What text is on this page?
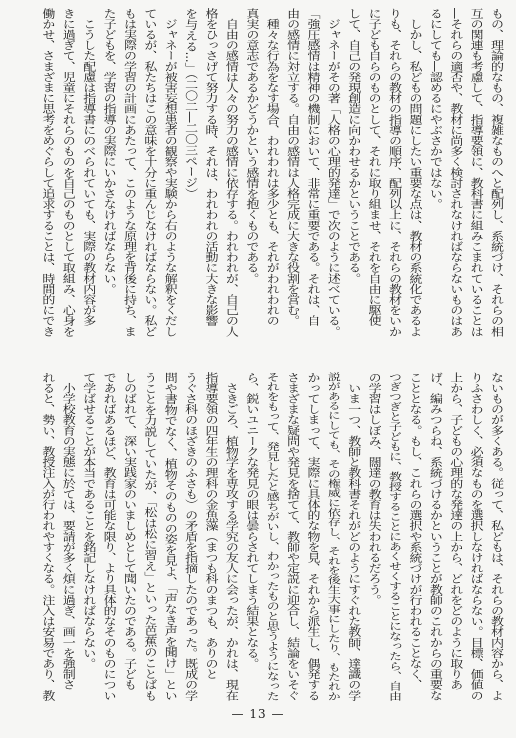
もの、理論的なもの、複雑なものへと配列し、系統づけ、それらの相
互の関連も考慮して、指導要領に、教科書に組みこまれていることは
―それらの適否や、教材に尚多く検討されなければならないものはあ
るにしても―認めるにやぶさかではない。
　しかし、私どもの問題にしたい重要な点は、教材の系統化であるよ
りも、それらの教材の指導の順序、配列以上に、それらの教材をいか
に子ども自らのものとして、それに取り組ませ、それを自由に駆使
して、自己の発現創造に向かわせるかということである。
　ジャネーがその著「人格の心理的発達」で次のように述べている。
「強圧感情は精神の機制において、非常に重要である。それは、自
由の感情に対立する。自由の感情は人格完成に大きな役割を営む。
　種々な行為をなす場合、われわれは多少とも、それがわれわれの
真実の意志であるかどうかという感情を抱くものである。
　自由の感情は人々の努力の感情に依存する。われわれが、自己の人
格をひっさげて努力する時、それは、われわれの活動に大きな影響
を与える…」（二〇二―二〇三ページ）
　ジャネーが被害妄想患者の観察や実験から右のような解釈をくだし
ているが、私たちはこの意味を十分に重んじなければならない。私ど
もは実際の学習の計画にあたって、このような原理を背後に持ち、ま
た子どもを、学習の指導の実際にいかさなければならない。
　こうした配慮は指導書にのべられていても、実際の教材内容が多
きに過ぎて、児童にそれらのものを自己のものとして取組み、心身を
働かせ、さまざまに思考をめぐらして追求することは、時間的にでき
ないものが多くある。従って、私どもは、それらの教材内容から、よ
りふさわしく、必須なものを選択しなければならない。目標、価値の
上から、子どもの心理的な発達の上から、どれをどのように取りあ
げ、編みつらね、系統づけるかということが教師のこれからの重要な
こととなる。もし、これらの選択や系統づけが行われることなく、
つぎつぎと子どもに、教授することにあくせくすることになったら、自由
の学習はしぼみ、闊達の教育は失われるだろう。
　いま一つ、教師と教科書それがどのようにすぐれた教師、達識の学
説があるにしても、その権威に依存し、それを後生大事にしたり、もたれか
かってしまって、実際に具体的な物を見、それから派生し、偶発する
さまざまな疑問や発見を捨てて、教師や定説に迎合し、結論をいそぐ
それをもって、発見したと感ちがいし、わかったものと思うようになった
ら、鋭いユニークな発見の眼は曇らされてしまう結果となる。
　さきごろ、植物学を専攻する学究の友人に会ったが、かれは、現在
指導要領の四年生の理科の金魚藻（まつも科のまつも、ありのと
うぐさ科のほざきのふさも）の矛盾を指摘したのであった。既成の学
問や書物でなく、植物そのものの姿を見よ、「声なき声を聞け」とい
うことを力説していたが、「松は松に習え」といった芭蕉のことばも
しのばれて、深い実践家のいましめとして聞いたのである。子ども
であればあるほど、教育は可能な限り、より具体的なそのものについ
て学ばせることが本当であることを銘記しなければならない。
　小学校教育の実態に於ては、要請が多く煩に過ぎ、画一を強制さ
れると、勢い、教授注入が行われやすくなる。注入は安易であり、教
— 13 —
